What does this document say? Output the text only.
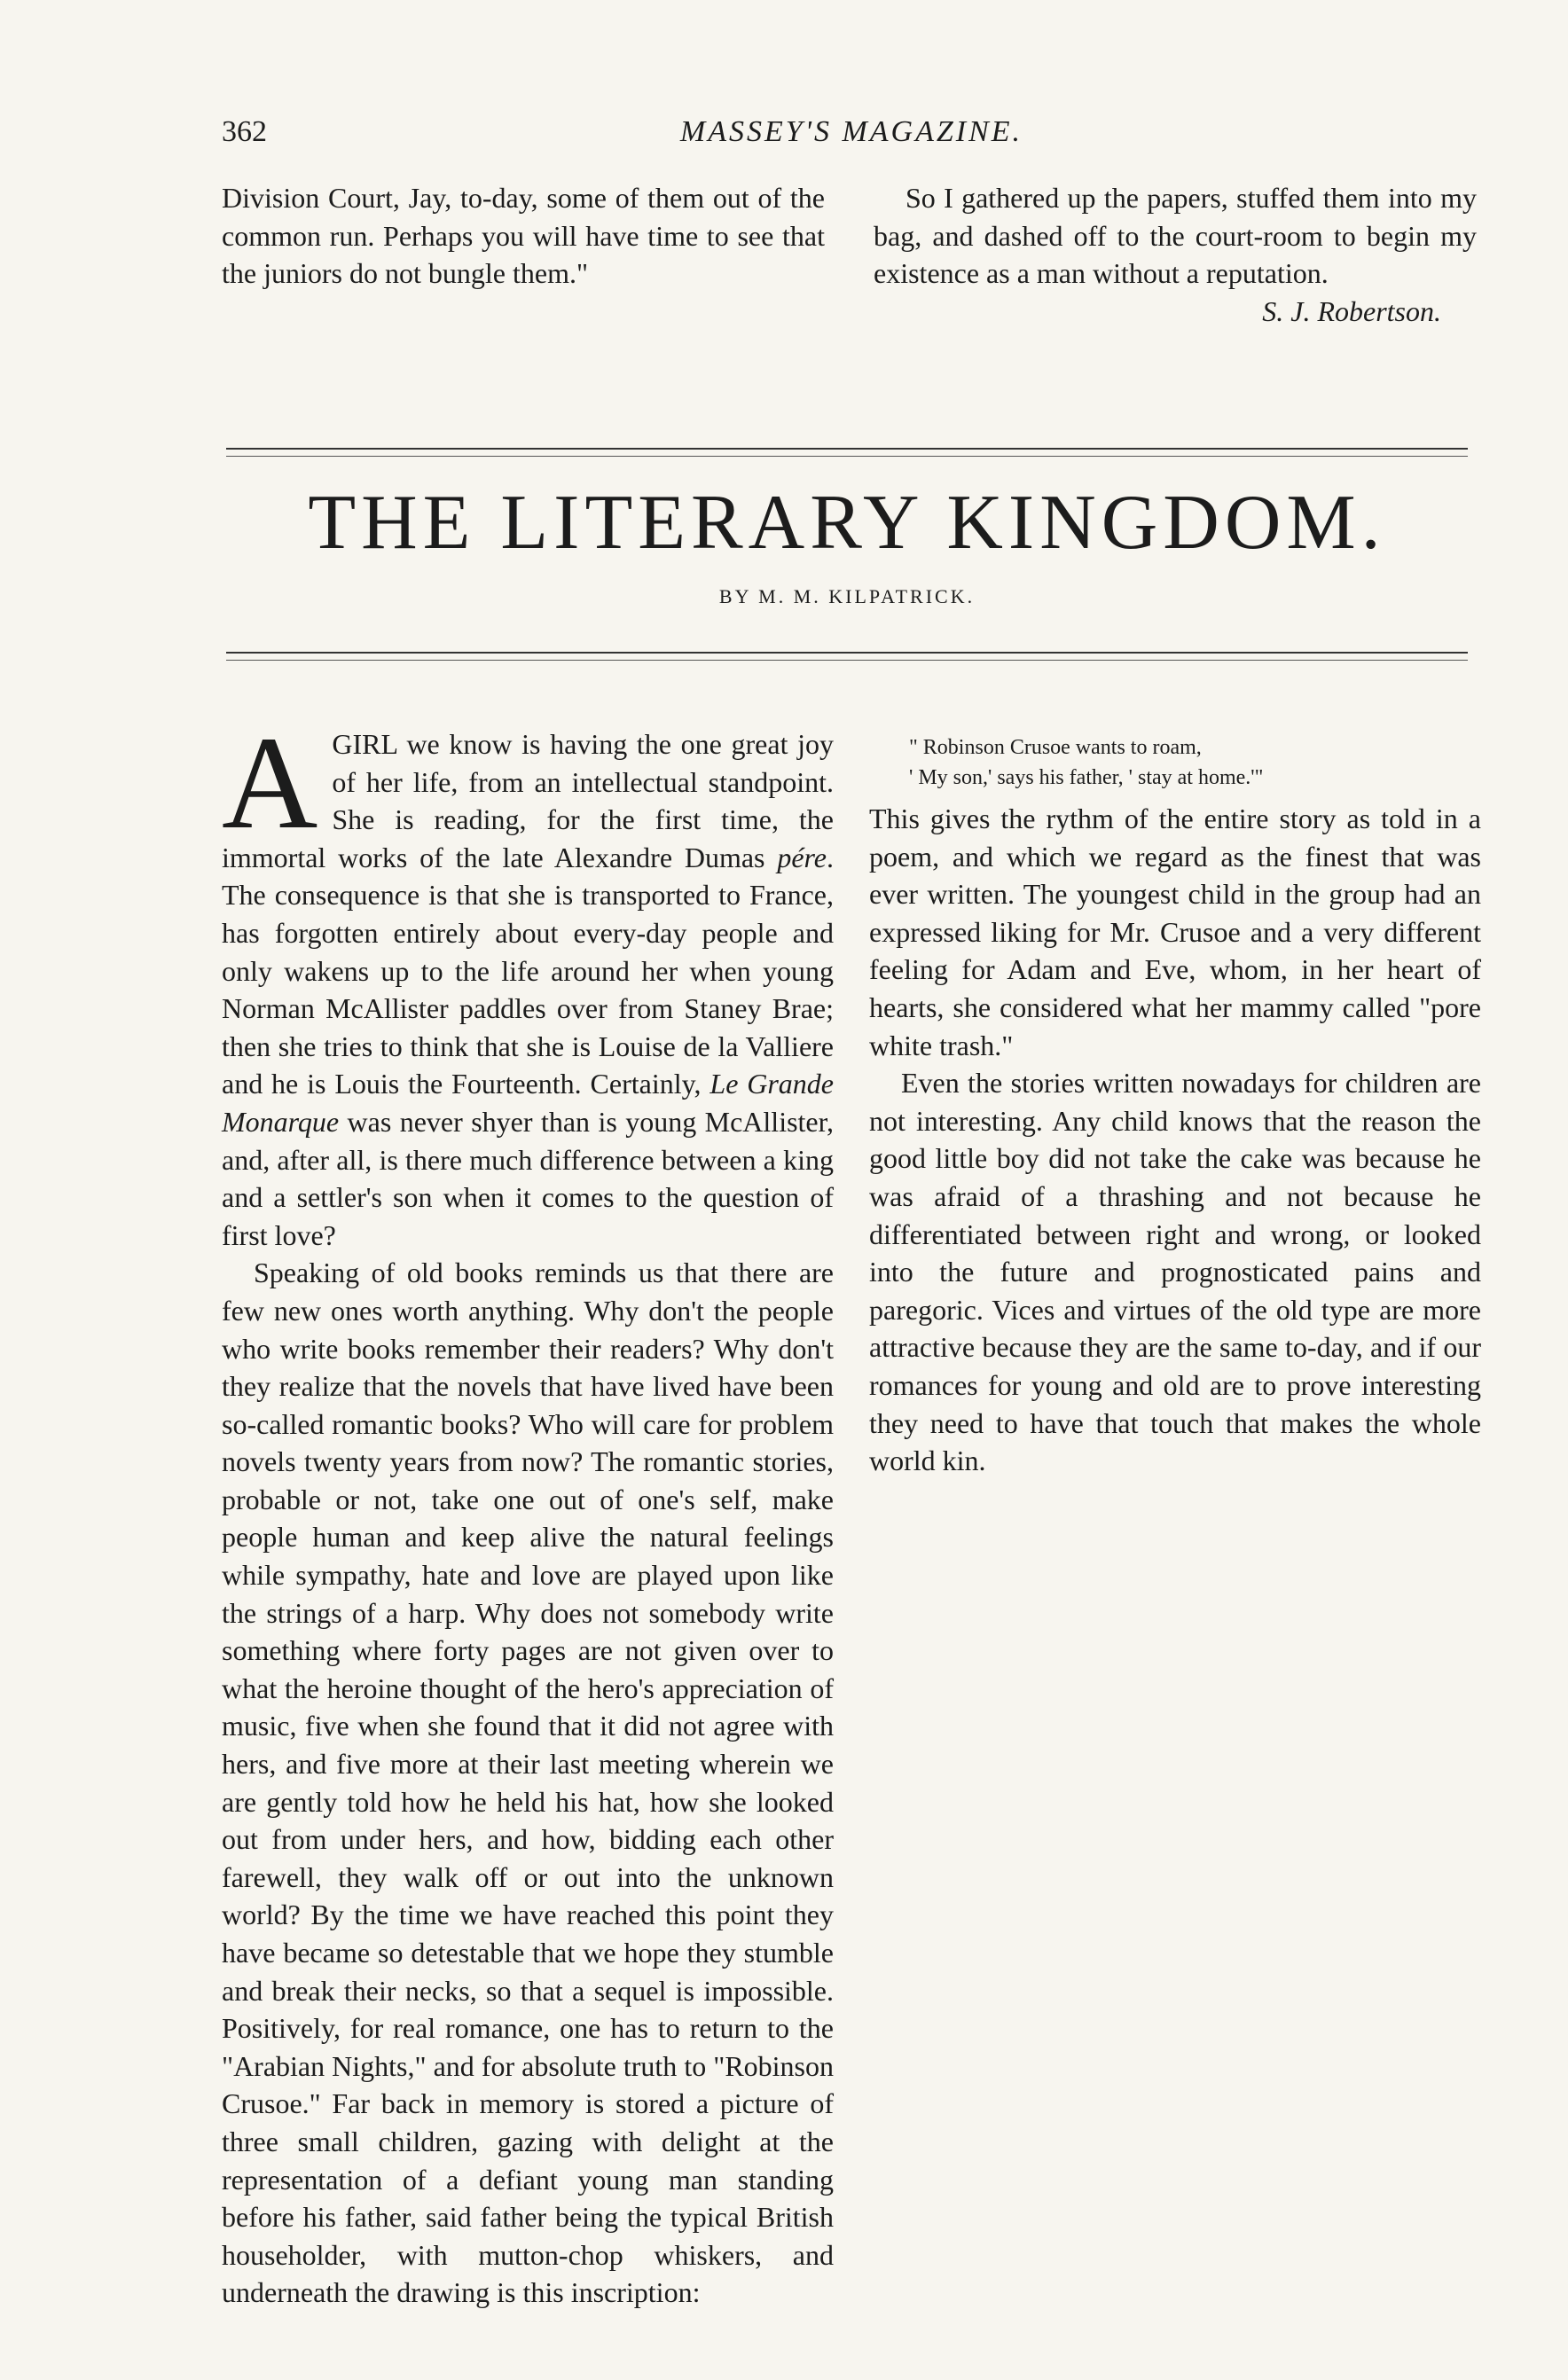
362	MASSEY'S MAGAZINE.

Division Court, Jay, to-day, some of them out of the common run. Perhaps you will have time to see that the juniors do not bungle them."

So I gathered up the papers, stuffed them into my bag, and dashed off to the court-room to begin my existence as a man without a reputation.

S. J. Robertson.

THE LITERARY KINGDOM.
BY M. M. KILPATRICK.

AGIRL we know is having the one great joy of her life, from an intellectual standpoint. She is reading, for the first time, the immortal works of the late Alexandre Dumas pére. The consequence is that she is transported to France, has forgotten entirely about every-day people and only wakens up to the life around her when young Norman McAllister paddles over from Staney Brae; then she tries to think that she is Louise de la Valliere and he is Louis the Fourteenth. Certainly, Le Grande Monarque was never shyer than is young McAllister, and, after all, is there much difference between a king and a settler's son when it comes to the question of first love?

Speaking of old books reminds us that there are few new ones worth anything. Why don't the people who write books remember their readers? Why don't they realize that the novels that have lived have been so-called romantic books? Who will care for problem novels twenty years from now? The romantic stories, probable or not, take one out of one's self, make people human and keep alive the natural feelings while sympathy, hate and love are played upon like the strings of a harp. Why does not somebody write something where forty pages are not given over to what the heroine thought of the hero's appreciation of music, five when she found that it did not agree with hers, and five more at their last meeting wherein we are gently told how he held his hat, how she looked out from under hers, and how, bidding each other farewell, they walk off or out into the unknown world? By the time we have reached this point they have became so detestable that we hope they stumble and break their necks, so that a sequel is impossible. Positively, for real romance, one has to return to the "Arabian Nights," and for absolute truth to "Robinson Crusoe." Far back in memory is stored a picture of three small children, gazing with delight at the representation of a defiant young man standing before his father, said father being the typical British householder, with mutton-chop whiskers, and underneath the drawing is this inscription:

" Robinson Crusoe wants to roam,
' My son,' says his father, ' stay at home.'"

This gives the rythm of the entire story as told in a poem, and which we regard as the finest that was ever written. The youngest child in the group had an expressed liking for Mr. Crusoe and a very different feeling for Adam and Eve, whom, in her heart of hearts, she considered what her mammy called "pore white trash."

Even the stories written nowadays for children are not interesting. Any child knows that the reason the good little boy did not take the cake was because he was afraid of a thrashing and not because he differentiated between right and wrong, or looked into the future and prognosticated pains and paregoric. Vices and virtues of the old type are more attractive because they are the same to-day, and if our romances for young and old are to prove interesting they need to have that touch that makes the whole world kin.
